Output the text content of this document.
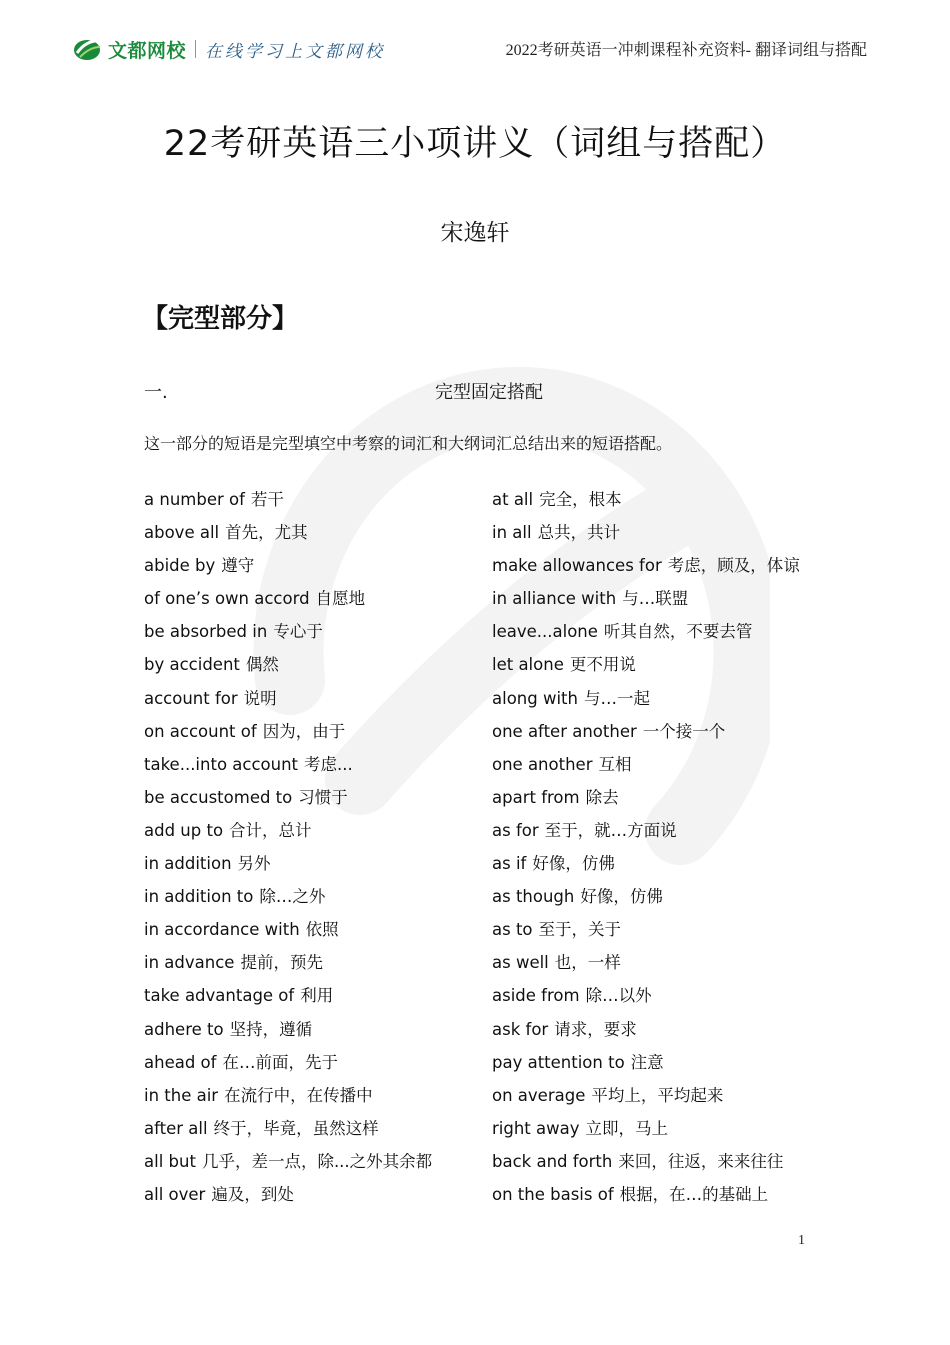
文都网校 在线学习上文都网校	2022考研英语一冲刺课程补充资料- 翻译词组与搭配
22考研英语三小项讲义（词组与搭配）
宋逸轩
【完型部分】
一.	完型固定搭配
这一部分的短语是完型填空中考察的词汇和大纲词汇总结出来的短语搭配。
a number of 若干
above all 首先，尤其
abide by 遵守
of one’s own accord 自愿地
be absorbed in 专心于
by accident 偶然
account for 说明
on account of 因为，由于
take...into account 考虑...
be accustomed to 习惯于
add up to 合计，总计
in addition 另外
in addition to 除…之外
in accordance with 依照
in advance 提前，预先
take advantage of 利用
adhere to 坚持，遵循
ahead of 在…前面，先于
in the air 在流行中，在传播中
after all 终于，毕竟，虽然这样
all but 几乎，差一点，除...之外其余都
all over 遍及，到处
at all 完全，根本
in all 总共，共计
make allowances for 考虑，顾及，体谅
in alliance with 与…联盟
leave...alone 听其自然，不要去管
let alone 更不用说
along with 与…一起
one after another 一个接一个
one another 互相
apart from 除去
as for 至于，就…方面说
as if 好像，仿佛
as though 好像，仿佛
as to 至于，关于
as well 也，一样
aside from 除…以外
ask for 请求，要求
pay attention to 注意
on average 平均上，平均起来
right away 立即，马上
back and forth 来回，往返，来来往往
on the basis of 根据，在…的基础上
1
